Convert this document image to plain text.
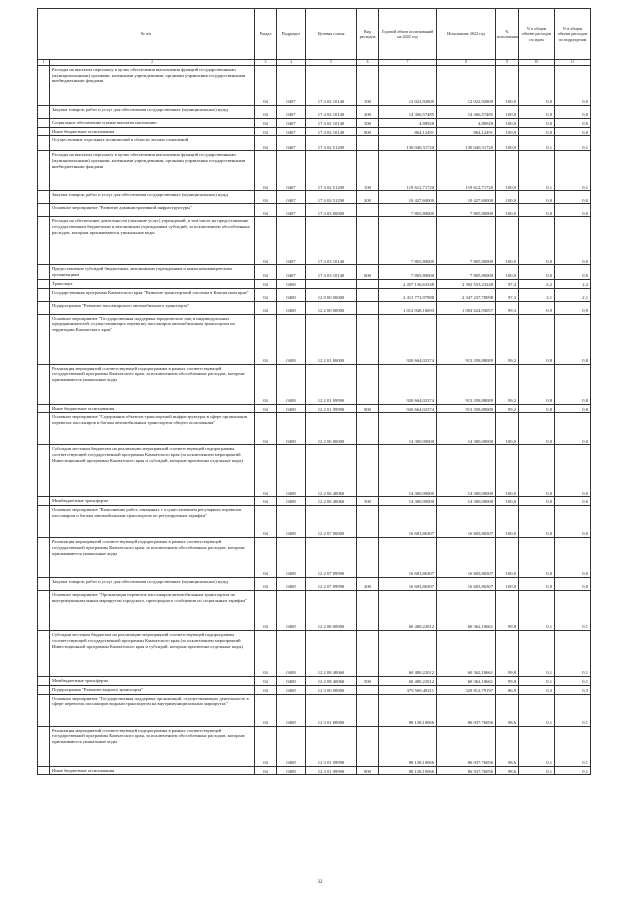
№ п/п		Раздел	Подраздел	Целевая статья	Вид расходов	Годовой объем ассигнований на 2022 год	Исполнение 2022 год	% исполнения	% в общем объеме расходов по идам	% в общем объеме расходов по подразделам
1	2	3	4	5	6	7	8	9	10	11
	Расходы на выплаты персоналу в целях обеспечения выполнения функций государственными (муниципальными) органами, казенными учреждениями, органами управления государственными внебюджетными фондами	04	0407	17 4 02 10140	100	12 022,92800	12 022,92800	100,0	0,0	0,0
	Закупка товаров, работ и услуг для обеспечения государственных (муниципальных) нужд	04	0407	17 4 02 10140	200	14 366,57485	14 366,57485	100,0	0,0	0,0
	Социальное обеспечение и иные выплаты населению	04	0407	17 4 02 10140	300	4,88928	4,88928	100,0	0,0	0,0
	Иные бюджетные ассигнования	04	0407	17 4 02 10140	800	864,12491	864,12491	100,0	0,0	0,0
	Осуществление отдельных полномочий в области лесных отношений	04	0407	17 4 02 51290		130 040,31720	130 040,31720	100,0	0,1	0,1
	Расходы на выплаты персоналу в целях обеспечения выполнения функций государственными (муниципальными) органами, казенными учреждениями, органами управления государственными внебюджетными фондами	04	0407	17 4 02 51290	100	119 612,71720	119 612,71720	100,0	0,1	0,1
	Закупка товаров, работ и услуг для обеспечения государственных (муниципальных) нужд	04	0407	17 4 02 51290	200	10 427,60000	10 427,60000	100,0	0,0	0,0
	Основное мероприятие "Развитие административной инфраструктуры"	04	0407	17 4 03 00000		7 805,80000	7 805,80000	100,0	0,0	0,0
	Расходы на обеспечение деятельности (оказание услуг) учреждений, в том числе на предоставление государственным бюджетным и автономным учреждениям субсидий, за исключением обособленных расходов, которым присваиваются уникальные коды	04	0407	17 4 03 10140		7 805,80000	7 805,80000	100,0	0,0	0,0
	Предоставление субсидий бюджетным, автономным учреждениям и иным некоммерческим организациям	04	0407	17 4 03 10140	600	7 805,80000	7 805,80000	100,0	0,0	0,0
	Транспорт	04	0408			2 457 136,63338	2 392 553,23248	97,4	2,2	2,2
	Государственная программа Камчатского края "Развитие транспортной системы в Камчатском крае"	04	0408	12 0 00 00000		2 411 773,97988	2 347 237,78098	97,3	2,1	2,1
	Подпрограмма "Развитие пассажирского автомобильного транспорта"	04	0408	12 2 00 00000		1 012 048,10693	1 004 624,93057	99,3	0,9	0,9
	Основное мероприятие "Государственная поддержка юридических лиц и индивидуальных предпринимателей, осуществляющих перевозку пассажиров автомобильным транспортом на территории Камчатского края"	04	0408	12 2 01 00000		920 664,02374	913 358,88089	99,2	0,8	0,8
	Реализация мероприятий соответствующей подпрограммы в рамках соответствующей государственной программы Камчатского края, за исключением обособленных расходов, которым присваиваются уникальные коды	04	0408	12 2 01 09990		920 664,02374	913 358,88089	99,2	0,8	0,8
	Иные бюджетные ассигнования	04	0408	12 2 01 09990	800	920 664,02374	913 358,88089	99,2	0,8	0,8
	Основное мероприятие "Содержание объектов транспортной инфраструктуры в сфере организации перевозок пассажиров и багажа автомобильным транспортом общего пользования"	04	0408	12 2 06 00000		14 300,00000	14 300,00000	100,0	0,0	0,0
	Субсидии местным бюджетам на реализацию мероприятий соответствующей подпрограммы соответствующей государственной программы Камчатского края (за исключением мероприятий Инвестиционной программы Камчатского края и субсидий, которым присвоены отдельные коды)	04	0408	12 2 06 40060		14 300,00000	14 300,00000	100,0	0,0	0,0
	Межбюджетные трансферты	04	0408	12 2 06 40060	500	14 300,00000	14 300,00000	100,0	0,0	0,0
	Основное мероприятие "Выполнение работ, связанных с осуществлением регулярных перевозок пассажиров и багажа автомобильным транспортом по регулируемым тарифам"	04	0408	12 2 07 00000		16 603,86307	16 603,86307	100,0	0,0	0,0
	Реализация мероприятий соответствующей подпрограммы в рамках соответствующей государственной программы Камчатского края, за исключением обособленных расходов, которым присваиваются уникальные коды	04	0408	12 2 07 09990		16 603,86307	16 603,86307	100,0	0,0	0,0
	Закупка товаров, работ и услуг для обеспечения государственных (муниципальных) нужд	04	0408	12 2 07 09990	200	16 603,86307	16 603,86307	100,0	0,0	0,0
	Основное мероприятие "Организация перевозок пассажиров автомобильным транспортом по внутримуниципальным маршрутам городского, пригородного сообщения по социальным тарифам"	04	0408	12 2 08 00000		60 480,22012	60 362,18661	99,8	0,1	0,1
	Субсидии местным бюджетам на реализацию мероприятий соответствующей подпрограммы соответствующей государственной программы Камчатского края (за исключением мероприятий Инвестиционной программы Камчатского края и субсидий, которым присвоены отдельные коды)	04	0408	12 2 08 40060		60 480,22012	60 362,18661	99,8	0,1	0,1
	Межбюджетные трансферты	04	0408	12 2 08 40060	500	60 480,22012	60 362,18661	99,8	0,1	0,1
	Подпрограмма "Развитие водного транспорта"	04	0408	12 3 00 00000		379 569,49211	329 812,79197	86,9	0,3	0,3
	Основное мероприятие "Государственная поддержка организаций, осуществляющих деятельность в сфере перевозок пассажиров водным транспортом на внутримуниципальных маршрутах"	04	0408	12 3 01 00000		88 138,10066	86 937,76056	98,6	0,1	0,1
	Реализация мероприятий соответствующей подпрограммы в рамках соответствующей государственной программы Камчатского края, за исключением обособленных расходов, которым присваиваются уникальные коды	04	0408	12 3 01 09990		88 138,10066	86 937,76056	98,6	0,1	0,1
	Иные бюджетные ассигнования	04	0408	12 3 01 09990	800	88 138,10066	86 937,76056	98,6	0,1	0,1
32
